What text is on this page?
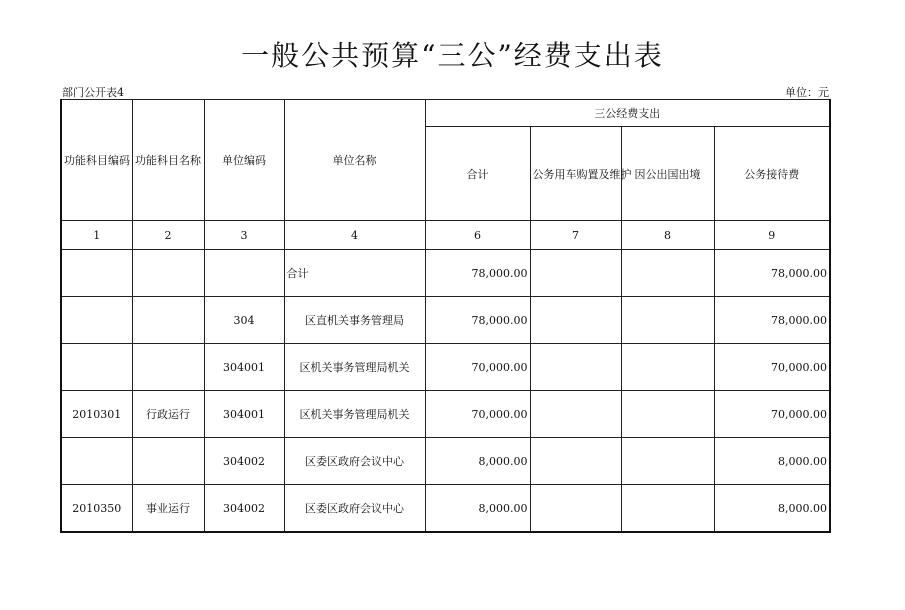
一般公共预算“三公”经费支出表
部门公开表4	单位：元
功能科目编码	功能科目名称	单位编码	单位名称	三公经费支出			
				合计	公务用车购置及维护	因公出国出境	公务接待费
1	2	3	4	6	7	8	9
			合计	78,000.00			78,000.00
		304	区直机关事务管理局	78,000.00			78,000.00
		304001	区机关事务管理局机关	70,000.00			70,000.00
2010301	行政运行	304001	区机关事务管理局机关	70,000.00			70,000.00
		304002	区委区政府会议中心	8,000.00			8,000.00
2010350	事业运行	304002	区委区政府会议中心	8,000.00			8,000.00
